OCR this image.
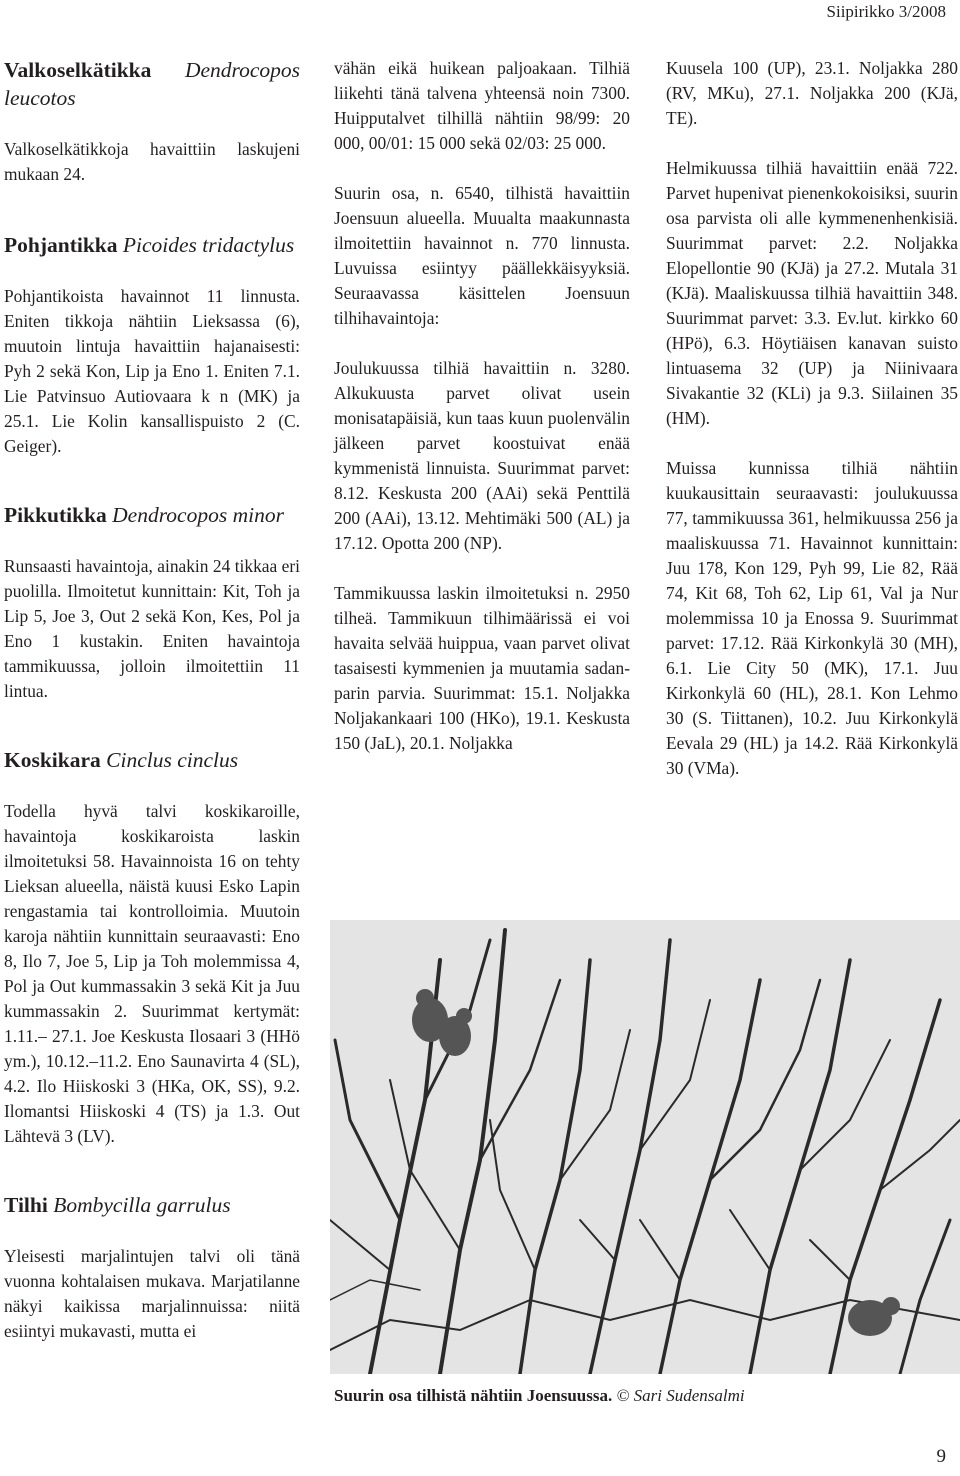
Siipirikko 3/2008
Valkoselkätikka Dendrocopos leucotos

Valkoselkätikkoja havaittiin laskujeni mukaan 24.

Pohjantikka Picoides tridactylus

Pohjantikoista havainnot 11 linnusta. Eniten tikkoja nähtiin Lieksassa (6), muutoin lintuja havaittiin hajanaisesti: Pyh 2 sekä Kon, Lip ja Eno 1. Eniten 7.1. Lie Patvinsuo Autiovaara k n (MK) ja 25.1. Lie Kolin kansallispuisto 2 (C. Geiger).

Pikkutikka Dendrocopos minor

Runsaasti havaintoja, ainakin 24 tikkaa eri puolilla. Ilmoitetut kunnittain: Kit, Toh ja Lip 5, Joe 3, Out 2 sekä Kon, Kes, Pol ja Eno 1 kustakin. Eniten havaintoja tammikuussa, jolloin ilmoitettiin 11 lintua.

Koskikara Cinclus cinclus

Todella hyvä talvi koskikaroille, havaintoja koskikaroista laskin ilmoitetuksi 58. Havainnoista 16 on tehty Lieksan alueella, näistä kuusi Esko Lapin rengastamia tai kontrolloimia. Muutoin karoja nähtiin kunnittain seuraavasti: Eno 8, Ilo 7, Joe 5, Lip ja Toh molemmissa 4, Pol ja Out kummassakin 3 sekä Kit ja Juu kummassakin 2. Suurimmat kertymät: 1.11.– 27.1. Joe Keskusta Ilosaari 3 (HHö ym.), 10.12.–11.2. Eno Saunavirta 4 (SL), 4.2. Ilo Hiiskoski 3 (HKa, OK, SS), 9.2. Ilomantsi Hiiskoski 4 (TS) ja 1.3. Out Lähtevä 3 (LV).

Tilhi Bombycilla garrulus

Yleisesti marjalintujen talvi oli tänä vuonna kohtalaisen mukava. Marjatilanne näkyi kaikissa marjalinnuissa: niitä esiintyi mukavasti, mutta ei

vähän eikä huikean paljoakaan. Tilhiä liikehti tänä talvena yhteensä noin 7300. Huipputalvet tilhillä nähtiin 98/99: 20 000, 00/01: 15 000 sekä 02/03: 25 000.

Suurin osa, n. 6540, tilhistä havaittiin Joensuun alueella. Muualta maakunnasta ilmoitettiin havainnot n. 770 linnusta. Luvuissa esiintyy päällekkäisyyksiä. Seuraavassa käsittelen Joensuun tilhihavaintoja:

Joulukuussa tilhiä havaittiin n. 3280. Alkukuusta parvet olivat usein monisatapäisiä, kun taas kuun puolenvälin jälkeen parvet koostuivat enää kymmenistä linnuista. Suurimmat parvet: 8.12. Keskusta 200 (AAi) sekä Penttilä 200 (AAi), 13.12. Mehtimäki 500 (AL) ja 17.12. Opotta 200 (NP).

Tammikuussa laskin ilmoitetuksi n. 2950 tilheä. Tammikuun tilhimäärissä ei voi havaita selvää huippua, vaan parvet olivat tasaisesti kymmenien ja muutamia sadan-parin parvia. Suurimmat: 15.1. Noljakka Noljakankaari 100 (HKo), 19.1. Keskusta 150 (JaL), 20.1. Noljakka

Kuusela 100 (UP), 23.1. Noljakka 280 (RV, MKu), 27.1. Noljakka 200 (KJä, TE).

Helmikuussa tilhiä havaittiin enää 722. Parvet hupenivat pienenkokoisiksi, suurin osa parvista oli alle kymmenenhenkisiä. Suurimmat parvet: 2.2. Noljakka Elopellontie 90 (KJä) ja 27.2. Mutala 31 (KJä). Maaliskuussa tilhiä havaittiin 348. Suurimmat parvet: 3.3. Ev.lut. kirkko 60 (HPö), 6.3. Höytiäisen kanavan suisto lintuasema 32 (UP) ja Niinivaara Sivakantie 32 (KLi) ja 9.3. Siilainen 35 (HM).

Muissa kunnissa tilhiä nähtiin kuukausittain seuraavasti: joulukuussa 77, tammikuussa 361, helmikuussa 256 ja maaliskuussa 71. Havainnot kunnittain: Juu 178, Kon 129, Pyh 99, Lie 82, Rää 74, Kit 68, Toh 62, Lip 61, Val ja Nur molemmissa 10 ja Enossa 9. Suurimmat parvet: 17.12. Rää Kirkonkylä 30 (MH), 6.1. Lie City 50 (MK), 17.1. Juu Kirkonkylä 60 (HL), 28.1. Kon Lehmo 30 (S. Tiittanen), 10.2. Juu Kirkonkylä Eevala 29 (HL) ja 14.2. Rää Kirkonkylä 30 (VMa).

Suurin osa tilhistä nähtiin Joensuussa. © Sari Sudensalmi
9
